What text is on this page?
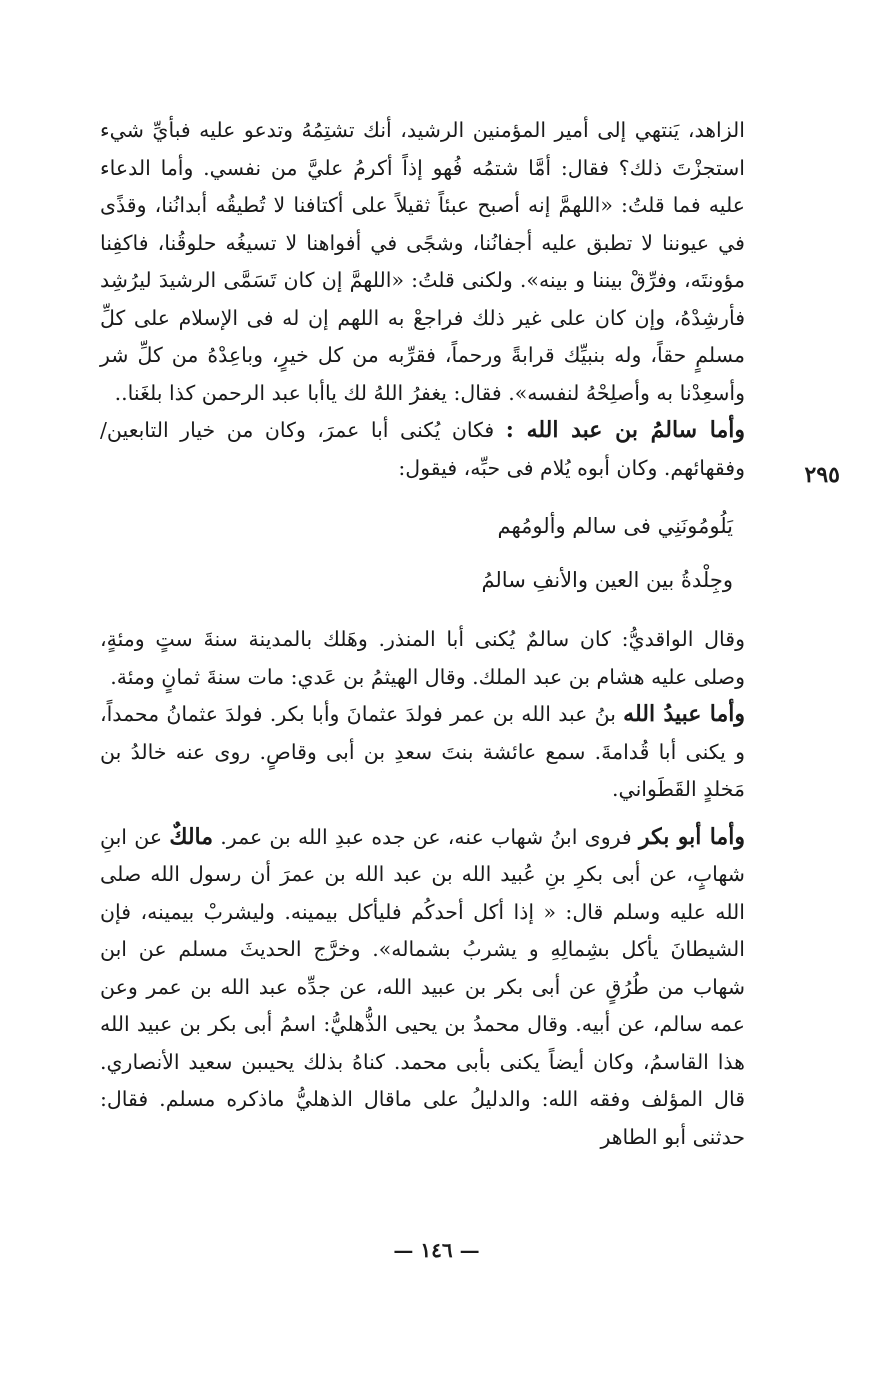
الزاهد، يَنتهي إلى أمير المؤمنين الرشيد، أنك تشتِمُهُ وتدعو عليه فبأيِّ شيء استجزْتَ ذلك؟ فقال: أمَّا شتمُه فُهو إذاً أكرمُ عليَّ من نفسي. وأما الدعاء عليه فما قلتُ: «اللهمَّ إنه أصبح عبئاً ثقيلاً على أكتافنا لا تُطيقُه أبدانُنا، وقذًى في عيوننا لا تطبق عليه أجفانُنا، وشجًى في أفواهنا لا تسيغُه حلوقُنا، فاكفِنا مؤونتَه، وفرِّقْ بيننا و بينه». ولكنى قلتُ: «اللهمَّ إن كان تَسَمَّى الرشيدَ ليرُشِد فأرشِدْهُ، وإن كان على غير ذلك فراجعْ به اللهم إن له فى الإسلام على كلِّ مسلمٍ حقاً، وله بنبيِّك قرابةً ورحماً، فقرِّبه من كل خيرٍ، وباعِدْهُ من كلِّ شر وأسعِدْنا به وأصلِحْهُ لنفسه». فقال: يغفرُ اللهُ لك ياأبا عبد الرحمن كذا بلغَنا..

٢٩٥

وأما سالمُ بن عبد الله : فكان يُكنى أبا عمرَ، وكان من خيار التابعين/ وفقهائهم. وكان أبوه يُلام فى حبِّه، فيقول:

يَلُومُونَنِي فى سالم وألومُهم
وجِلْدةُ بين العين والأنفِ سالمُ

وقال الواقديُّ: كان سالمٌ يُكنى أبا المنذر. وهَلك بالمدينة سنةَ ستٍ ومئةٍ، وصلى عليه هشام بن عبد الملك. وقال الهيثمُ بن عَدي: مات سنةَ ثمانٍ ومئة.

وأما عبيدُ الله بنُ عبد الله بن عمر فولدَ عثمانَ وأبا بكر. فولدَ عثمانُ محمداً، و يكنى أبا قُدامةَ. سمع عائشة بنتَ سعدِ بن أبى وقاصٍ. روى عنه خالدُ بن مَخلدٍ القَطَواني.

وأما أبو بكر فروى ابنُ شهاب عنه، عن جده عبدِ الله بن عمر. مالكٌ عن ابنِ شهابٍ، عن أبى بكرِ بنِ عُبيد الله بن عبد الله بن عمرَ أن رسول الله صلى الله عليه وسلم قال: « إذا أكل أحدكُم فليأكل بيمينه. وليشربْ بيمينه، فإن الشيطانَ يأكل بشِمالِهِ و يشربُ بشماله». وخرَّج الحديثَ مسلم عن ابن شهاب من طُرُقٍ عن أبى بكر بن عبيد الله، عن جدِّه عبد الله بن عمر وعن عمه سالم، عن أبيه. وقال محمدُ بن يحيى الذُّهليُّ: اسمُ أبى بكر بن عبيد الله هذا القاسمُ، وكان أيضاً يكنى بأبى محمد. كناهُ بذلك يحيىبن سعيد الأنصاري. قال المؤلف وفقه الله: والدليلُ على ماقال الذهليُّ ماذكره مسلم. فقال: حدثنى أبو الطاهر

— ١٤٦ —
